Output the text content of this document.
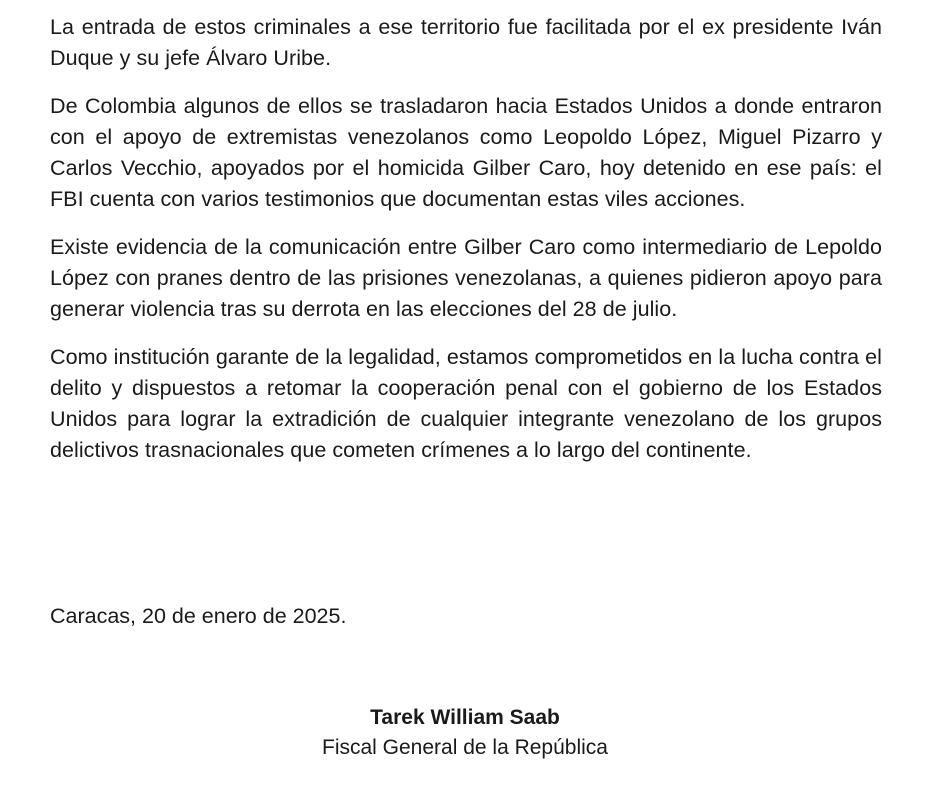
La entrada de estos criminales a ese territorio fue facilitada por el ex presidente Iván Duque y su jefe Álvaro Uribe.

De Colombia algunos de ellos se trasladaron hacia Estados Unidos a donde entraron con el apoyo de extremistas venezolanos como Leopoldo López, Miguel Pizarro y Carlos Vecchio, apoyados por el homicida Gilber Caro, hoy detenido en ese país: el FBI cuenta con varios testimonios que documentan estas viles acciones.

Existe evidencia de la comunicación entre Gilber Caro como intermediario de Lepoldo López con pranes dentro de las prisiones venezolanas, a quienes pidieron apoyo para generar violencia tras su derrota en las elecciones del 28 de julio.

Como institución garante de la legalidad, estamos comprometidos en la lucha contra el delito y dispuestos a retomar la cooperación penal con el gobierno de los Estados Unidos para lograr la extradición de cualquier integrante venezolano de los grupos delictivos trasnacionales que cometen crímenes a lo largo del continente.

Caracas, 20 de enero de 2025.

Tarek William Saab
Fiscal General de la República
